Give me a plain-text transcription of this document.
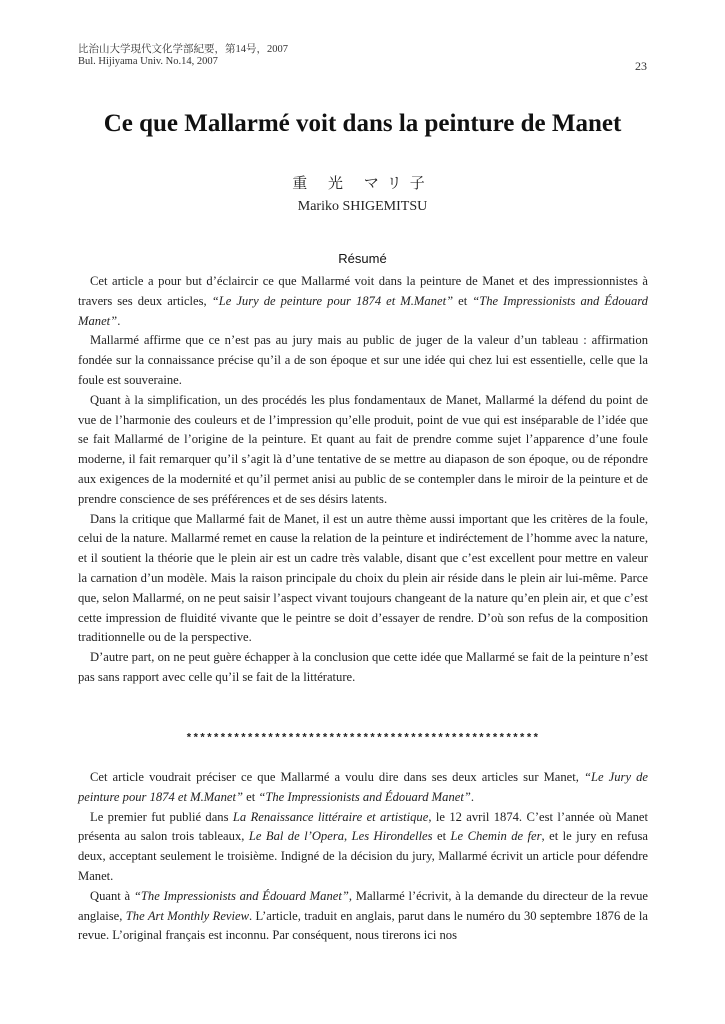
比治山大学現代文化学部紀要，第14号，2007
Bul. Hijiyama Univ. No.14, 2007	23
Ce que Mallarmé voit dans la peinture de Manet
重 光 マリ子
Mariko SHIGEMITSU
Résumé

Cet article a pour but d’éclaircir ce que Mallarmé voit dans la peinture de Manet et des impressionnistes à travers ses deux articles, “Le Jury de peinture pour 1874 et M.Manet” et “The Impressionists and Édouard Manet”.

Mallarmé affirme que ce n’est pas au jury mais au public de juger de la valeur d’un tableau : affirmation fondée sur la connaissance précise qu’il a de son époque et sur une idée qui chez lui est essentielle, celle que la foule est souveraine.

Quant à la simplification, un des procédés les plus fondamentaux de Manet, Mallarmé la défend du point de vue de l’harmonie des couleurs et de l’impression qu’elle produit, point de vue qui est inséparable de l’idée que se fait Mallarmé de l’origine de la peinture. Et quant au fait de prendre comme sujet l’apparence d’une foule moderne, il fait remarquer qu’il s’agit là d’une tentative de se mettre au diapason de son époque, ou de répondre aux exigences de la modernité et qu’il permet anisi au public de se contempler dans le miroir de la peinture et de prendre conscience de ses préférences et de ses désirs latents.

Dans la critique que Mallarmé fait de Manet, il est un autre thème aussi important que les critères de la foule, celui de la nature. Mallarmé remet en cause la relation de la peinture et indiréctement de l’homme avec la nature, et il soutient la théorie que le plein air est un cadre très valable, disant que c’est excellent pour mettre en valeur la carnation d’un modèle. Mais la raison principale du choix du plein air réside dans le plein air lui-même. Parce que, selon Mallarmé, on ne peut saisir l’aspect vivant toujours changeant de la nature qu’en plein air, et que c’est cette impression de fluidité vivante que le peintre se doit d’essayer de rendre. D’où son refus de la composition traditionnelle ou de la perspective.

D’autre part, on ne peut guère échapper à la conclusion que cette idée que Mallarmé se fait de la peinture n’est pas sans rapport avec celle qu’il se fait de la littérature.

****************************************************

Cet article voudrait préciser ce que Mallarmé a voulu dire dans ses deux articles sur Manet, “Le Jury de peinture pour 1874 et M.Manet” et “The Impressionists and Édouard Manet”.

Le premier fut publié dans La Renaissance littéraire et artistique, le 12 avril 1874. C’est l’année où Manet présenta au salon trois tableaux, Le Bal de l’Opera, Les Hirondelles et Le Chemin de fer, et le jury en refusa deux, acceptant seulement le troisième. Indigné de la décision du jury, Mallarmé écrivit un article pour défendre Manet.

Quant à “The Impressionists and Édouard Manet”, Mallarmé l’écrivit, à la demande du directeur de la revue anglaise, The Art Monthly Review. L’article, traduit en anglais, parut dans le numéro du 30 septembre 1876 de la revue. L’original français est inconnu. Par conséquent, nous tirerons ici nos
